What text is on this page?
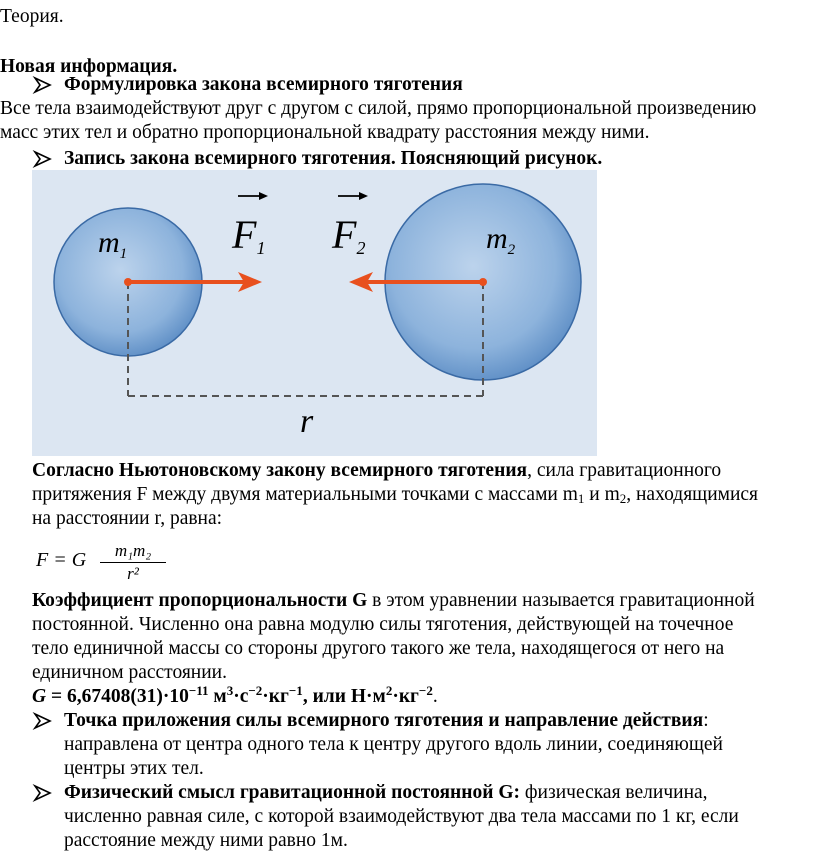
Теория.
Новая информация.
Формулировка закона всемирного тяготения
Все тела взаимодействуют друг с другом с силой, прямо пропорциональной произведению
масс этих тел и обратно пропорциональной квадрату расстояния между ними.
Запись закона всемирного тяготения. Поясняющий рисунок.
$m_1$	$m_2$
F1 F2
r
Согласно Ньютоновскому закону всемирного тяготения, сила гравитационного
притяжения F между двумя материальными точками с массами m1 и m2, находящимися
на расстоянии r, равна:
F = G	m₁m₂
r²
Коэффициент пропорциональности G в этом уравнении называется гравитационной
постоянной. Численно она равна модулю силы тяготения, действующей на точечное
тело единичной массы со стороны другого такого же тела, находящегося от него на
единичном расстоянии.
$G = 6,67408(31)\cdot 10^{-11}$ $м^3\cdot с^{-2}\cdot кг^{-1}$, или $Н\cdot м^2\cdot кг^{-2}$.
Точка приложения силы всемирного тяготения и направление действия:
направлена от центра одного тела к центру другого вдоль линии, соединяющей
центры этих тел.
Физический смысл гравитационной постоянной G: физическая величина,
численно равная силе, с которой взаимодействуют два тела массами по 1 кг, если
расстояние между ними равно 1м.
